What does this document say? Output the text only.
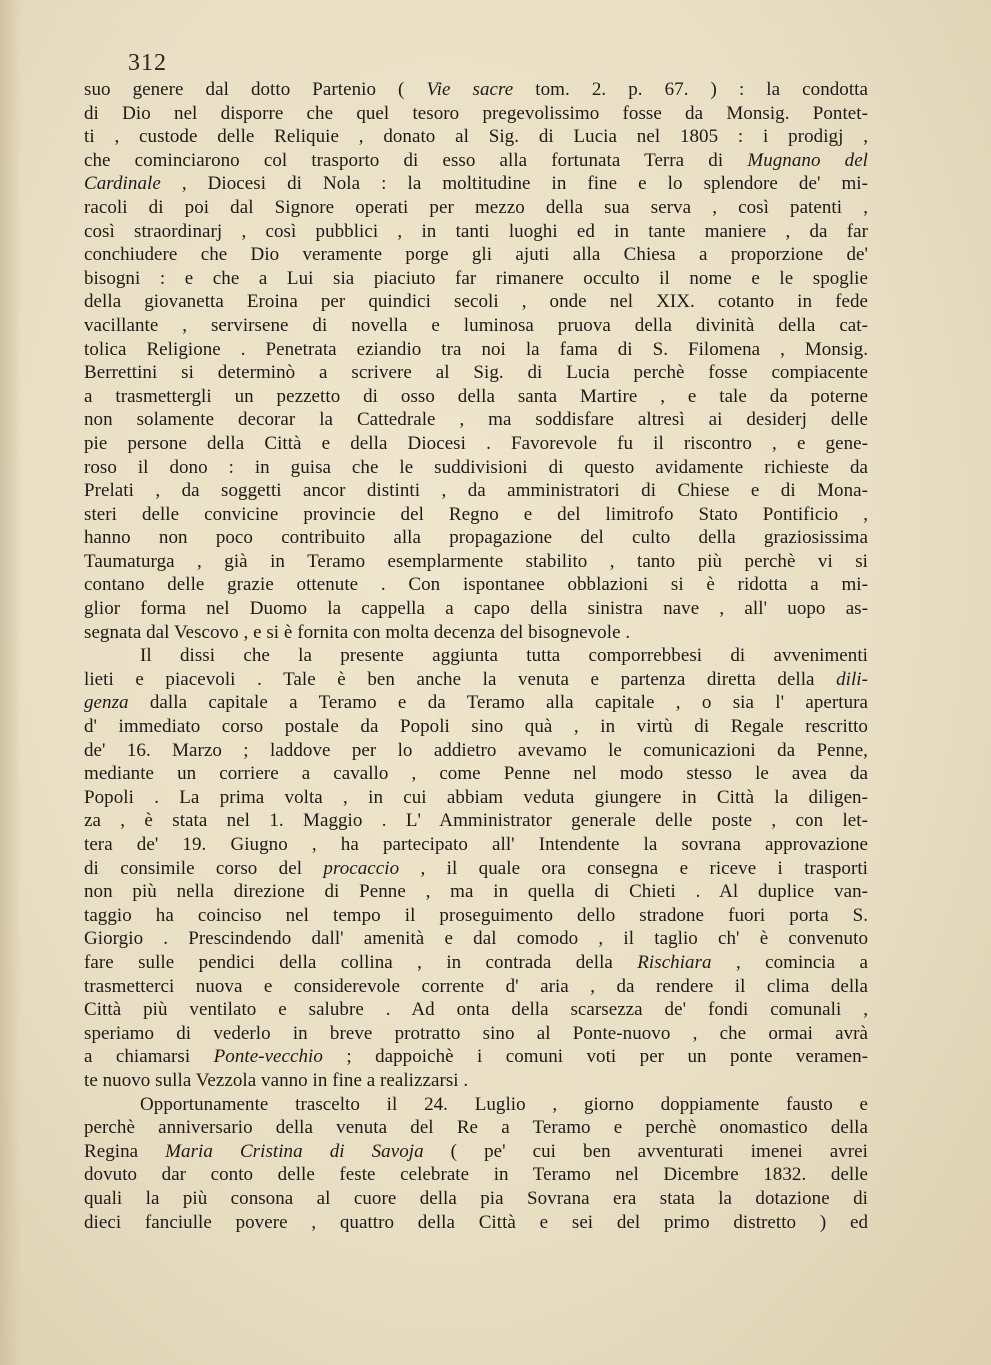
312
suo genere dal dotto Partenio ( Vie sacre tom. 2. p. 67. ) : la condotta
di Dio nel disporre che quel tesoro pregevolissimo fosse da Monsig. Pontet-
ti , custode delle Reliquie , donato al Sig. di Lucia nel 1805 : i prodigj ,
che cominciarono col trasporto di esso alla fortunata Terra di Mugnano del
Cardinale , Diocesi di Nola : la moltitudine in fine e lo splendore de' mi-
racoli di poi dal Signore operati per mezzo della sua serva , così patenti ,
così straordinarj , così pubblici , in tanti luoghi ed in tante maniere , da far
conchiudere che Dio veramente porge gli ajuti alla Chiesa a proporzione de'
bisogni : e che a Lui sia piaciuto far rimanere occulto il nome e le spoglie
della giovanetta Eroina per quindici secoli , onde nel XIX. cotanto in fede
vacillante , servirsene di novella e luminosa pruova della divinità della cat-
tolica Religione . Penetrata eziandio tra noi la fama di S. Filomena , Monsig.
Berrettini si determinò a scrivere al Sig. di Lucia perchè fosse compiacente
a trasmettergli un pezzetto di osso della santa Martire , e tale da poterne
non solamente decorar la Cattedrale , ma soddisfare altresì ai desiderj delle
pie persone della Città e della Diocesi . Favorevole fu il riscontro , e gene-
roso il dono : in guisa che le suddivisioni di questo avidamente richieste da
Prelati , da soggetti ancor distinti , da amministratori di Chiese e di Mona-
steri delle convicine provincie del Regno e del limitrofo Stato Pontificio ,
hanno non poco contribuito alla propagazione del culto della graziosissima
Taumaturga , già in Teramo esemplarmente stabilito , tanto più perchè vi si
contano delle grazie ottenute . Con ispontanee obblazioni si è ridotta a mi-
glior forma nel Duomo la cappella a capo della sinistra nave , all' uopo as-
segnata dal Vescovo , e si è fornita con molta decenza del bisognevole .
Il dissi che la presente aggiunta tutta comporrebbesi di avvenimenti
lieti e piacevoli . Tale è ben anche la venuta e partenza diretta della dili-
genza dalla capitale a Teramo e da Teramo alla capitale , o sia l' apertura
d' immediato corso postale da Popoli sino quà , in virtù di Regale rescritto
de' 16. Marzo ; laddove per lo addietro avevamo le comunicazioni da Penne,
mediante un corriere a cavallo , come Penne nel modo stesso le avea da
Popoli . La prima volta , in cui abbiam veduta giungere in Città la diligen-
za , è stata nel 1. Maggio . L' Amministrator generale delle poste , con let-
tera de' 19. Giugno , ha partecipato all' Intendente la sovrana approvazione
di consimile corso del procaccio , il quale ora consegna e riceve i trasporti
non più nella direzione di Penne , ma in quella di Chieti . Al duplice van-
taggio ha coinciso nel tempo il proseguimento dello stradone fuori porta S.
Giorgio . Prescindendo dall' amenità e dal comodo , il taglio ch' è convenuto
fare sulle pendici della collina , in contrada della Rischiara , comincia a
trasmetterci nuova e considerevole corrente d' aria , da rendere il clima della
Città più ventilato e salubre . Ad onta della scarsezza de' fondi comunali ,
speriamo di vederlo in breve protratto sino al Ponte-nuovo , che ormai avrà
a chiamarsi Ponte-vecchio ; dappoichè i comuni voti per un ponte veramen-
te nuovo sulla Vezzola vanno in fine a realizzarsi .
Opportunamente trascelto il 24. Luglio , giorno doppiamente fausto e
perchè anniversario della venuta del Re a Teramo e perchè onomastico della
Regina Maria Cristina di Savoja ( pe' cui ben avventurati imenei avrei
dovuto dar conto delle feste celebrate in Teramo nel Dicembre 1832. delle
quali la più consona al cuore della pia Sovrana era stata la dotazione di
dieci fanciulle povere , quattro della Città e sei del primo distretto ) ed
